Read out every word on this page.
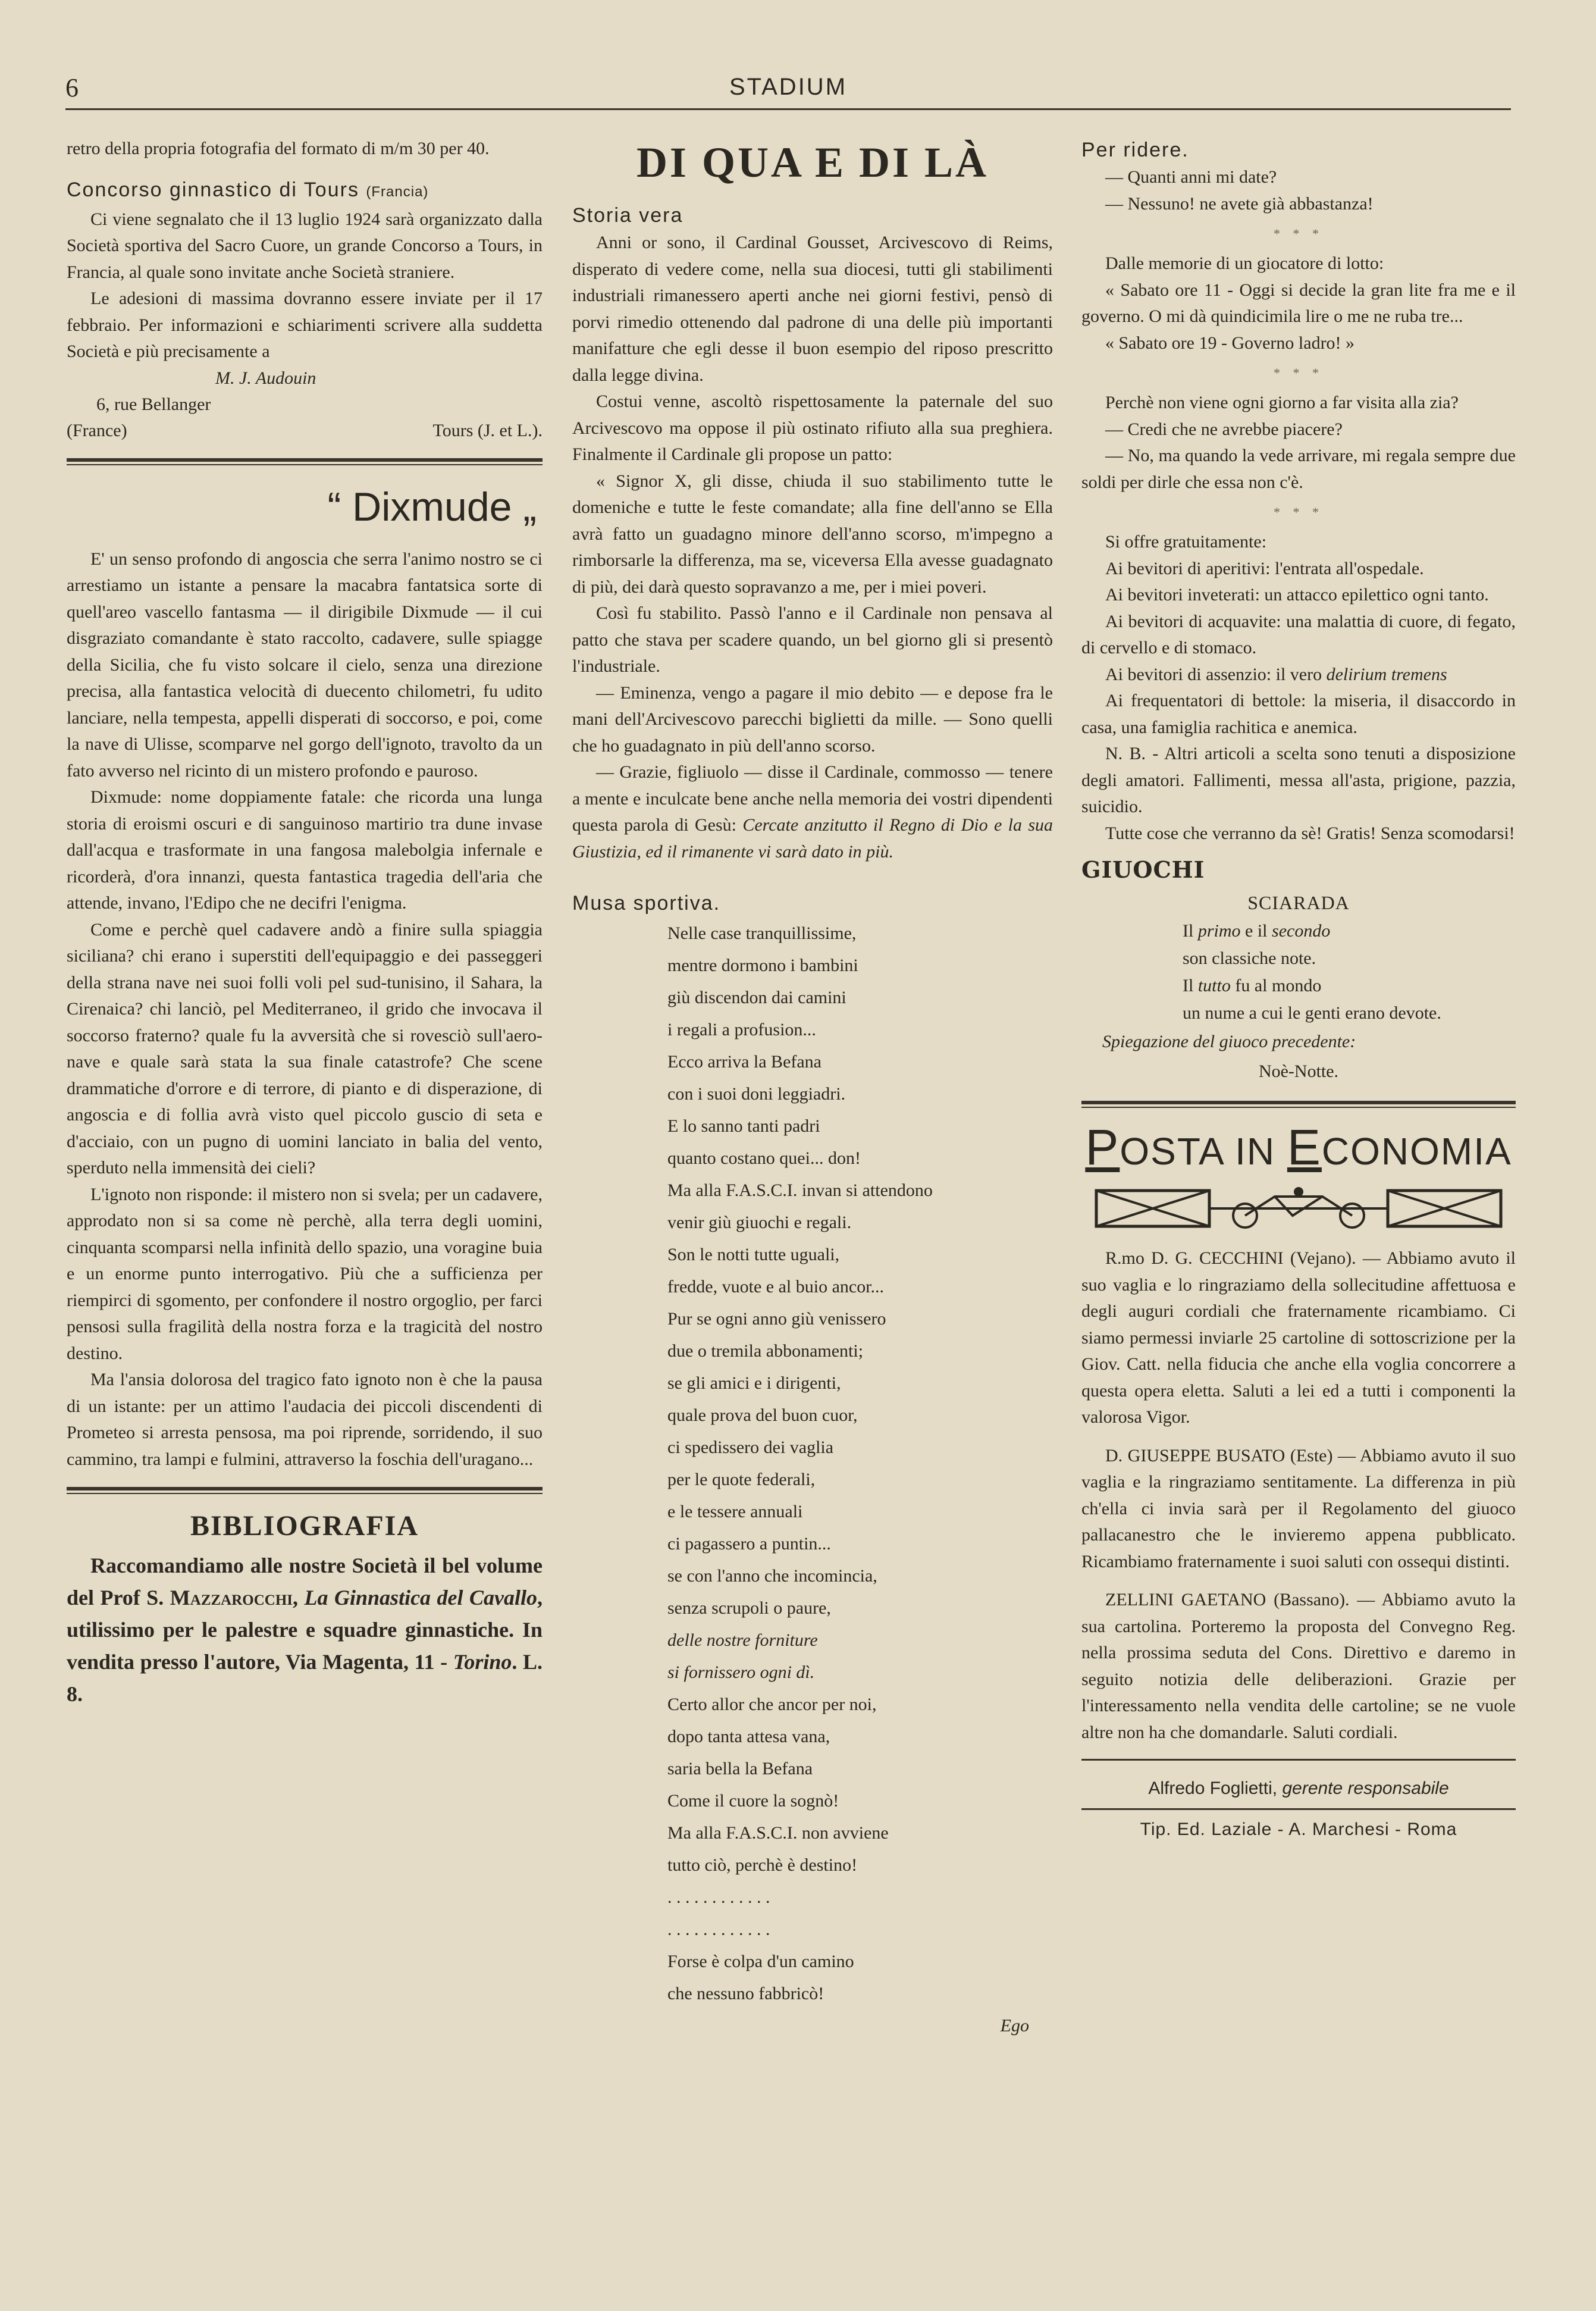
6	STADIUM

retro della propria fotografia del formato di m/m 30 per 40.

Concorso ginnastico di Tours (Francia)

Ci viene segnalato che il 13 luglio 1924 sarà organizzato dalla Società sportiva del Sacro Cuore, un grande Concorso a Tours, in Francia, al quale sono invitate anche Società straniere.

Le adesioni di massima dovranno essere inviate per il 17 febbraio. Per informazioni e schiarimenti scrivere alla suddetta Società e più precisamente a

M. J. Audouin
6, rue Bellanger
(France)	Tours (J. et L.).
“ Dixmude „

E' un senso profondo di angoscia che serra l'animo nostro se ci arrestiamo un istante a pensare la macabra fantatsica sorte di quell'areo vascello fantasma — il dirigibile Dixmude — il cui disgraziato comandante è stato raccolto, cadavere, sulle spiagge della Sicilia, che fu visto solcare il cielo, senza una direzione precisa, alla fantastica velocità di duecento chilometri, fu udito lanciare, nella tempesta, appelli disperati di soccorso, e poi, come la nave di Ulisse, scomparve nel gorgo dell'ignoto, travolto da un fato avverso nel ricinto di un mistero profondo e pauroso.

Dixmude: nome doppiamente fatale: che ricorda una lunga storia di eroismi oscuri e di sanguinoso martirio tra dune invase dall'acqua e trasformate in una fangosa malebolgia infernale e ricorderà, d'ora innanzi, questa fantastica tragedia dell'aria che attende, invano, l'Edipo che ne decifri l'enigma.

Come e perchè quel cadavere andò a finire sulla spiaggia siciliana? chi erano i superstiti dell'equipaggio e dei passeggeri della strana nave nei suoi folli voli pel sud-tunisino, il Sahara, la Cirenaica? chi lanciò, pel Mediterraneo, il grido che invocava il soccorso fraterno? quale fu la avversità che si rovesciò sull'aero-nave e quale sarà stata la sua finale catastrofe? Che scene drammatiche d'orrore e di terrore, di pianto e di disperazione, di angoscia e di follia avrà visto quel piccolo guscio di seta e d'acciaio, con un pugno di uomini lanciato in balia del vento, sperduto nella immensità dei cieli?

L'ignoto non risponde: il mistero non si svela; per un cadavere, approdato non si sa come nè perchè, alla terra degli uomini, cinquanta scomparsi nella infinità dello spazio, una voragine buia e un enorme punto interrogativo. Più che a sufficienza per riempirci di sgomento, per confondere il nostro orgoglio, per farci pensosi sulla fragilità della nostra forza e la tragicità del nostro destino.

Ma l'ansia dolorosa del tragico fato ignoto non è che la pausa di un istante: per un attimo l'audacia dei piccoli discendenti di Prometeo si arresta pensosa, ma poi riprende, sorridendo, il suo cammino, tra lampi e fulmini, attraverso la foschia dell'uragano...

BIBLIOGRAFIA

Raccomandiamo alle nostre Società il bel volume del Prof S. Mazzarocchi, La Ginnastica del Cavallo, utilissimo per le palestre e squadre ginnastiche. In vendita presso l'autore, Via Magenta, 11 - Torino. L. 8.

DI QUA E DI LÀ
Storia vera

Anni or sono, il Cardinal Gousset, Arcivescovo di Reims, disperato di vedere come, nella sua diocesi, tutti gli stabilimenti industriali rimanessero aperti anche nei giorni festivi, pensò di porvi rimedio ottenendo dal padrone di una delle più importanti manifatture che egli desse il buon esempio del riposo prescritto dalla legge divina.

Costui venne, ascoltò rispettosamente la paternale del suo Arcivescovo ma oppose il più ostinato rifiuto alla sua preghiera. Finalmente il Cardinale gli propose un patto:

« Signor X, gli disse, chiuda il suo stabilimento tutte le domeniche e tutte le feste comandate; alla fine dell'anno se Ella avrà fatto un guadagno minore dell'anno scorso, m'impegno a rimborsarle la differenza, ma se, viceversa Ella avesse guadagnato di più, dei darà questo sopravanzo a me, per i miei poveri.

Così fu stabilito. Passò l'anno e il Cardinale non pensava al patto che stava per scadere quando, un bel giorno gli si presentò l'industriale.

— Eminenza, vengo a pagare il mio debito — e depose fra le mani dell'Arcivescovo parecchi biglietti da mille. — Sono quelli che ho guadagnato in più dell'anno scorso.

— Grazie, figliuolo — disse il Cardinale, commosso — tenere a mente e inculcate bene anche nella memoria dei vostri dipendenti questa parola di Gesù: Cercate anzitutto il Regno di Dio e la sua Giustizia, ed il rimanente vi sarà dato in più.

Musa sportiva.
Nelle case tranquillissime,
mentre dormono i bambini
giù discendon dai camini
i regali a profusion...
Ecco arriva la Befana
con i suoi doni leggiadri.
E lo sanno tanti padri
quanto costano quei... don!
Ma alla F.A.S.C.I. invan si attendono
venir giù giuochi e regali.
Son le notti tutte uguali,
fredde, vuote e al buio ancor...
Pur se ogni anno giù venissero
due o tremila abbonamenti;
se gli amici e i dirigenti,
quale prova del buon cuor,
ci spedissero dei vaglia
per le quote federali,
e le tessere annuali
ci pagassero a puntin...
se con l'anno che incomincia,
senza scrupoli o paure,
delle nostre forniture
si fornissero ogni dì.
Certo allor che ancor per noi,
dopo tanta attesa vana,
saria bella la Befana
Come il cuore la sognò!
Ma alla F.A.S.C.I. non avviene
tutto ciò, perchè è destino!
. . . . . . . . . . . .
. . . . . . . . . . . .
Forse è colpa d'un camino
che nessuno fabbricò!
Ego
Per ridere.

— Quanti anni mi date?

— Nessuno! ne avete già abbastanza!

* * *

Dalle memorie di un giocatore di lotto:

« Sabato ore 11 - Oggi si decide la gran lite fra me e il governo. O mi dà quindicimila lire o me ne ruba tre...

« Sabato ore 19 - Governo ladro! »

* * *

Perchè non viene ogni giorno a far visita alla zia?

— Credi che ne avrebbe piacere?

— No, ma quando la vede arrivare, mi regala sempre due soldi per dirle che essa non c'è.

* * *

Si offre gratuitamente:

Ai bevitori di aperitivi: l'entrata all'ospedale.

Ai bevitori inveterati: un attacco epilettico ogni tanto.

Ai bevitori di acquavite: una malattia di cuore, di fegato, di cervello e di stomaco.

Ai bevitori di assenzio: il vero delirium tremens

Ai frequentatori di bettole: la miseria, il disaccordo in casa, una famiglia rachitica e anemica.

N. B. - Altri articoli a scelta sono tenuti a disposizione degli amatori. Fallimenti, messa all'asta, prigione, pazzia, suicidio.

Tutte cose che verranno da sè! Gratis! Senza scomodarsi!

GIUOCHI
SCIARADA
Il primo e il secondo
son classiche note.
Il tutto fu al mondo
un nume a cui le genti erano devote.
Spiegazione del giuoco precedente:
Noè-Notte.
POSTA IN ECONOMIA

R.mo D. G. CECCHINI (Vejano). — Abbiamo avuto il suo vaglia e lo ringraziamo della sollecitudine affettuosa e degli auguri cordiali che fraternamente ricambiamo. Ci siamo permessi inviarle 25 cartoline di sottoscrizione per la Giov. Catt. nella fiducia che anche ella voglia concorrere a questa opera eletta. Saluti a lei ed a tutti i componenti la valorosa Vigor.

D. GIUSEPPE BUSATO (Este) — Abbiamo avuto il suo vaglia e la ringraziamo sentitamente. La differenza in più ch'ella ci invia sarà per il Regolamento del giuoco pallacanestro che le invieremo appena pubblicato. Ricambiamo fraternamente i suoi saluti con ossequi distinti.

ZELLINI GAETANO (Bassano). — Abbiamo avuto la sua cartolina. Porteremo la proposta del Convegno Reg. nella prossima seduta del Cons. Direttivo e daremo in seguito notizia delle deliberazioni. Grazie per l'interessamento nella vendita delle cartoline; se ne vuole altre non ha che domandarle. Saluti cordiali.

Alfredo Foglietti, gerente responsabile
Tip. Ed. Laziale - A. Marchesi - Roma
